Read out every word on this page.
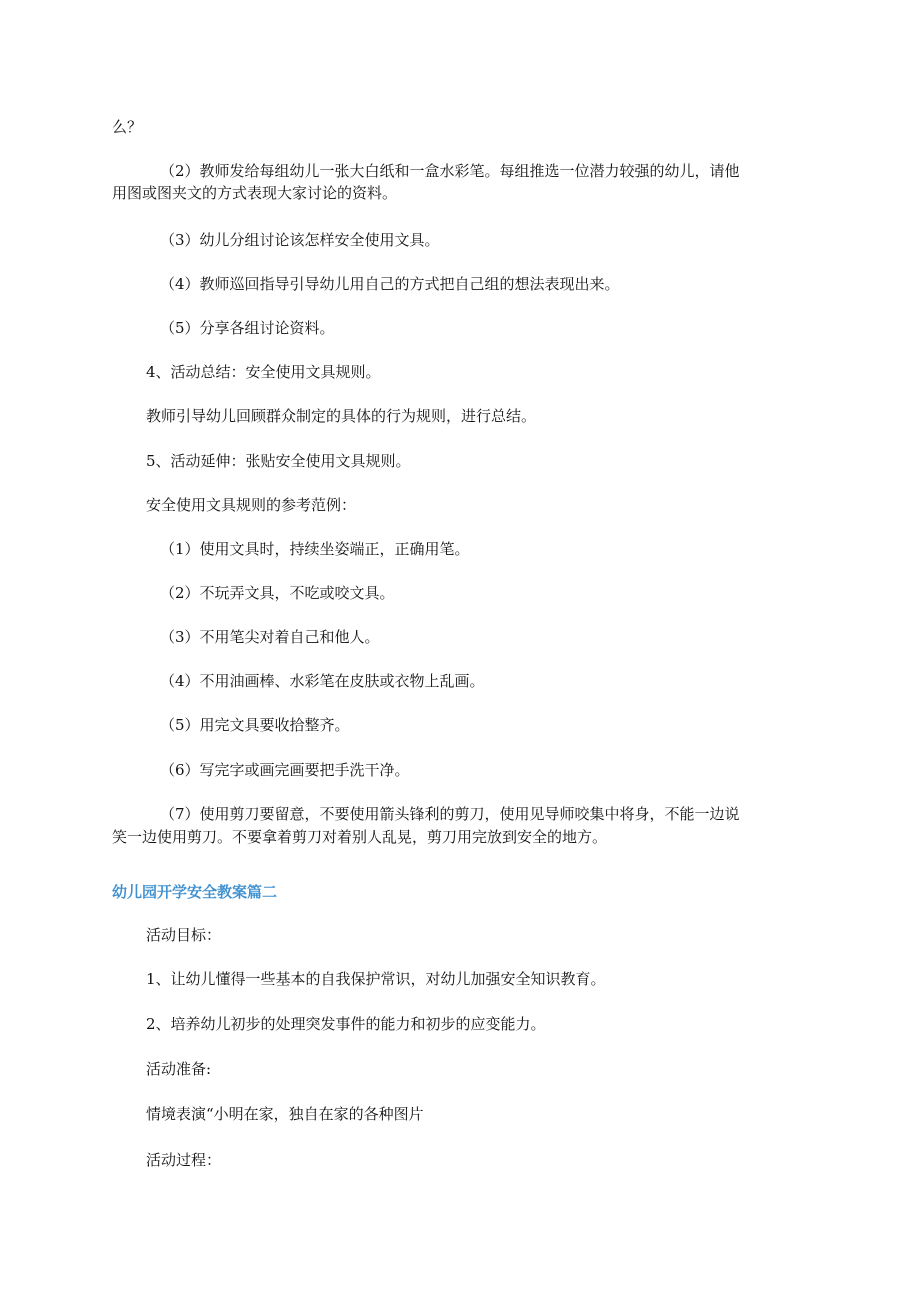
么？
（2）教师发给每组幼儿一张大白纸和一盒水彩笔。每组推选一位潜力较强的幼儿，请他
用图或图夹文的方式表现大家讨论的资料。
（3）幼儿分组讨论该怎样安全使用文具。
（4）教师巡回指导引导幼儿用自己的方式把自己组的想法表现出来。
（5）分享各组讨论资料。
4、活动总结：安全使用文具规则。
教师引导幼儿回顾群众制定的具体的行为规则，进行总结。
5、活动延伸：张贴安全使用文具规则。
安全使用文具规则的参考范例：
（1）使用文具时，持续坐姿端正，正确用笔。
（2）不玩弄文具，不吃或咬文具。
（3）不用笔尖对着自己和他人。
（4）不用油画棒、水彩笔在皮肤或衣物上乱画。
（5）用完文具要收拾整齐。
（6）写完字或画完画要把手洗干净。
（7）使用剪刀要留意，不要使用箭头锋利的剪刀，使用见导师咬集中将身，不能一边说
笑一边使用剪刀。不要拿着剪刀对着别人乱晃，剪刀用完放到安全的地方。
幼儿园开学安全教案篇二
活动目标：
1、让幼儿懂得一些基本的自我保护常识，对幼儿加强安全知识教育。
2、培养幼儿初步的处理突发事件的能力和初步的应变能力。
活动准备:
情境表演“小明在家，独自在家的各种图片
活动过程：
